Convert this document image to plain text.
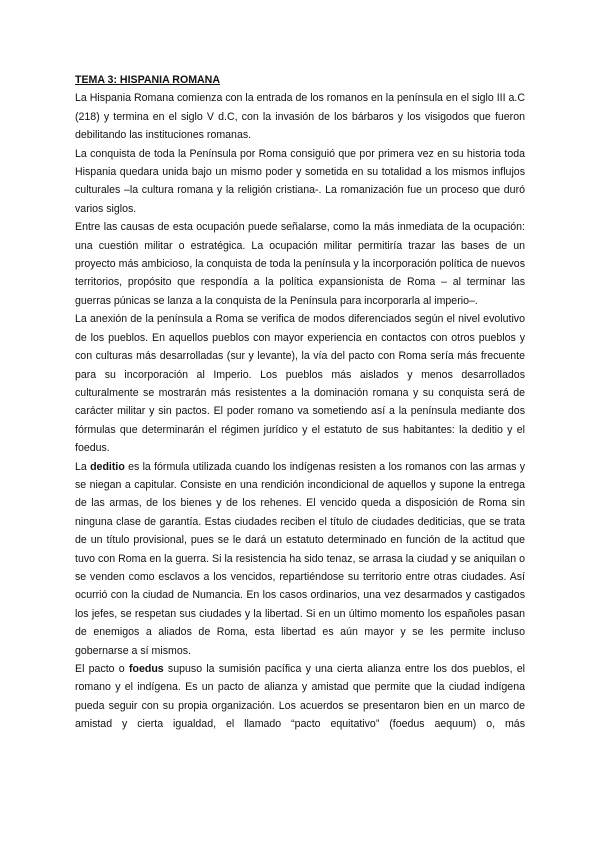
TEMA 3: HISPANIA ROMANA

La Hispania Romana comienza con la entrada de los romanos en la península en el siglo III a.C (218) y termina en el siglo V d.C, con la invasión de los bárbaros y los visigodos que fueron debilitando las instituciones romanas.

La conquista de toda la Península por Roma consiguió que por primera vez en su historia toda Hispania quedara unida bajo un mismo poder y sometida en su totalidad a los mismos influjos culturales –la cultura romana y la religión cristiana-. La romanización fue un proceso que duró varios siglos.

Entre las causas de esta ocupación puede señalarse, como la más inmediata de la ocupación: una cuestión militar o estratégica. La ocupación militar permitiría trazar las bases de un proyecto más ambicioso, la conquista de toda la península y la incorporación política de nuevos territorios, propósito que respondía a la política expansionista de Roma – al terminar las guerras púnicas se lanza a la conquista de la Península para incorporarla al imperio–.

La anexión de la península a Roma se verifica de modos diferenciados según el nivel evolutivo de los pueblos. En aquellos pueblos con mayor experiencia en contactos con otros pueblos y con culturas más desarrolladas (sur y levante), la vía del pacto con Roma sería más frecuente para su incorporación al Imperio. Los pueblos más aislados y menos desarrollados culturalmente se mostrarán más resistentes a la dominación romana y su conquista será de carácter militar y sin pactos. El poder romano va sometiendo así a la península mediante dos fórmulas que determinarán el régimen jurídico y el estatuto de sus habitantes: la deditio y el foedus.

La deditio es la fórmula utilizada cuando los indígenas resisten a los romanos con las armas y se niegan a capitular. Consiste en una rendición incondicional de aquellos y supone la entrega de las armas, de los bienes y de los rehenes. El vencido queda a disposición de Roma sin ninguna clase de garantía. Estas ciudades reciben el título de ciudades dediticias, que se trata de un título provisional, pues se le dará un estatuto determinado en función de la actitud que tuvo con Roma en la guerra. Si la resistencia ha sido tenaz, se arrasa la ciudad y se aniquilan o se venden como esclavos a los vencidos, repartiéndose su territorio entre otras ciudades. Así ocurrió con la ciudad de Numancia. En los casos ordinarios, una vez desarmados y castigados los jefes, se respetan sus ciudades y la libertad. Si en un último momento los españoles pasan de enemigos a aliados de Roma, esta libertad es aún mayor y se les permite incluso gobernarse a sí mismos.

El pacto o foedus supuso la sumisión pacífica y una cierta alianza entre los dos pueblos, el romano y el indígena. Es un pacto de alianza y amistad que permite que la ciudad indígena pueda seguir con su propia organización. Los acuerdos se presentaron bien en un marco de amistad y cierta igualdad, el llamado “pacto equitativo” (foedus aequum) o, más
